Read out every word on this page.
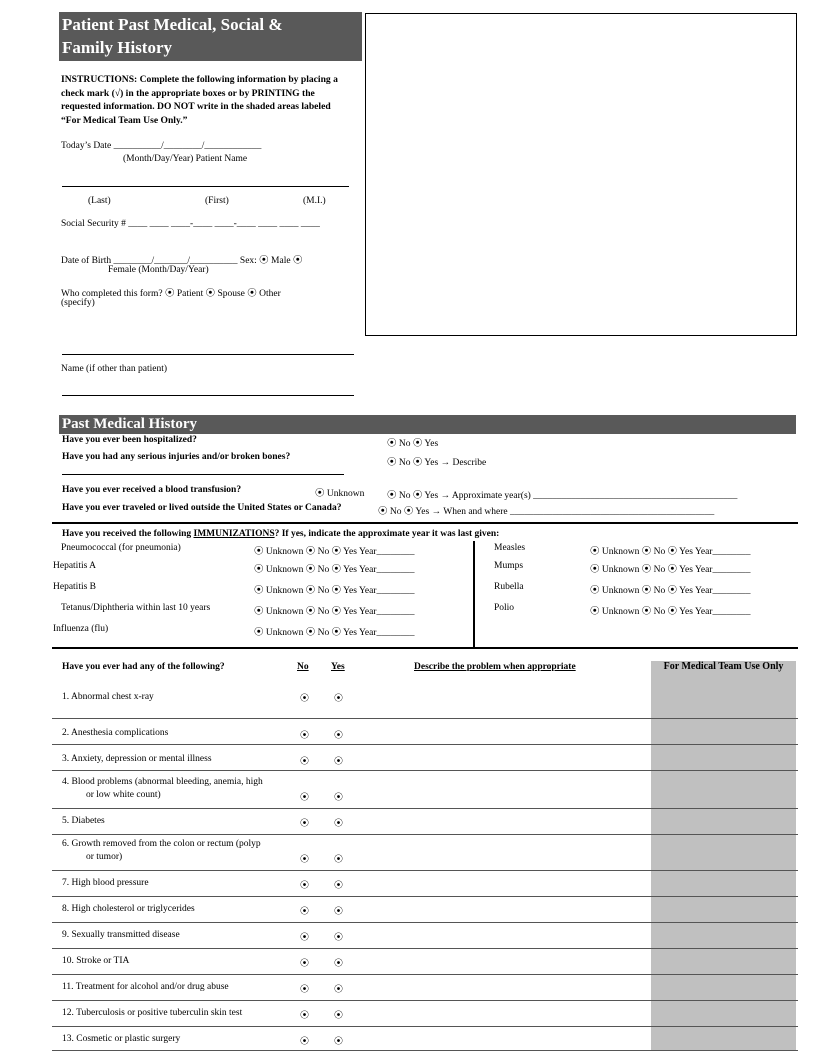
Patient Past Medical, Social &
Family History
INSTRUCTIONS: Complete the following information by placing a check mark (√) in the appropriate boxes or by PRINTING the requested information. DO NOT write in the shaded areas labeled “For Medical Team Use Only.”
Today’s Date __________/________/____________
(Month/Day/Year) Patient Name
(Last)	(First)	(M.I.)
Social Security # ____ ____ ____-____ ____-____ ____ ____ ____
Date of Birth ________/_______/__________ Sex: ⦿ Male ⦿
Female (Month/Day/Year)
Who completed this form? ⦿ Patient ⦿ Spouse ⦿ Other
(specify)
Name (if other than patient)
Past Medical History
Have you ever been hospitalized?	⦿ No ⦿ Yes
Have you had any serious injuries and/or broken bones?
⦿ No ⦿ Yes → Describe
Have you ever received a blood transfusion?	⦿ Unknown ⦿ No ⦿ Yes → Approximate year(s) ___________________________________________
Have you ever traveled or lived outside the United States or Canada?	⦿ No ⦿ Yes → When and where ___________________________________________
Have you received the following IMMUNIZATIONS? If yes, indicate the approximate year it was last given:
Pneumococcal (for pneumonia)	⦿ Unknown ⦿ No ⦿ Yes Year________
Hepatitis A	⦿ Unknown ⦿ No ⦿ Yes Year________
Hepatitis B	⦿ Unknown ⦿ No ⦿ Yes Year________
Tetanus/Diphtheria within last 10 years	⦿ Unknown ⦿ No ⦿ Yes Year________
Influenza (flu)	⦿ Unknown ⦿ No ⦿ Yes Year________
Measles	⦿ Unknown ⦿ No ⦿ Yes Year________
Mumps	⦿ Unknown ⦿ No ⦿ Yes Year________
Rubella	⦿ Unknown ⦿ No ⦿ Yes Year________
Polio	⦿ Unknown ⦿ No ⦿ Yes Year________
For Medical Team Use Only
Have you ever had any of the following?	No Yes	Describe the problem when appropriate
1. Abnormal chest x-ray	⦿	⦿
2. Anesthesia complications	⦿	⦿
3. Anxiety, depression or mental illness	⦿	⦿
4. Blood problems (abnormal bleeding, anemia, high
or low white count)	⦿	⦿
5. Diabetes	⦿	⦿
6. Growth removed from the colon or rectum (polyp
or tumor)	⦿	⦿
7. High blood pressure	⦿	⦿
8. High cholesterol or triglycerides	⦿	⦿
9. Sexually transmitted disease	⦿	⦿
10. Stroke or TIA	⦿	⦿
11. Treatment for alcohol and/or drug abuse	⦿	⦿
12. Tuberculosis or positive tuberculin skin test	⦿	⦿
13. Cosmetic or plastic surgery	⦿	⦿
